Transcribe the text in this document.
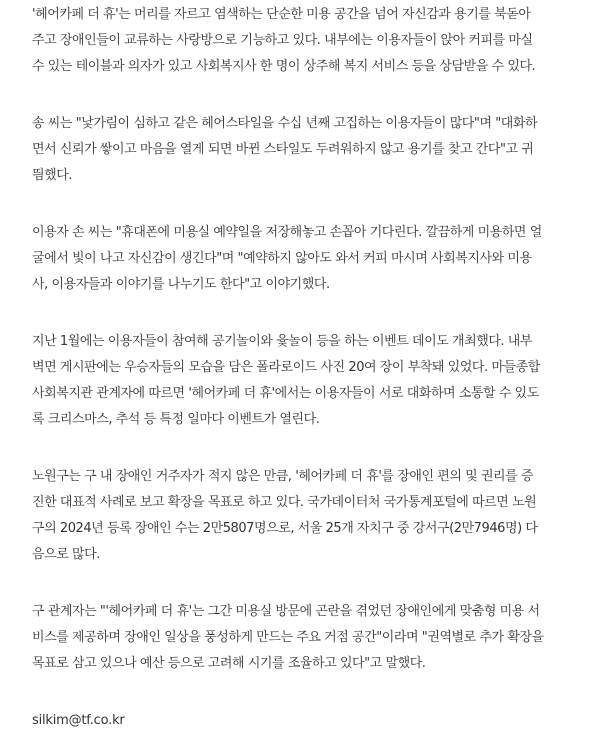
'헤어카페 더 휴'는 머리를 자르고 염색하는 단순한 미용 공간을 넘어 자신감과 용기를 북돋아
주고 장애인들이 교류하는 사랑방으로 기능하고 있다. 내부에는 이용자들이 앉아 커피를 마실
수 있는 테이블과 의자가 있고 사회복지사 한 명이 상주해 복지 서비스 등을 상담받을 수 있다.

송 씨는 "낯가림이 심하고 같은 헤어스타일을 수십 년째 고집하는 이용자들이 많다"며 "대화하
면서 신뢰가 쌓이고 마음을 열게 되면 바뀐 스타일도 두려워하지 않고 용기를 찾고 간다"고 귀
띔했다.

이용자 손 씨는 "휴대폰에 미용실 예약일을 저장해놓고 손꼽아 기다린다. 깔끔하게 미용하면 얼
굴에서 빛이 나고 자신감이 생긴다"며 "예약하지 않아도 와서 커피 마시며 사회복지사와 미용
사, 이용자들과 이야기를 나누기도 한다"고 이야기했다.

지난 1월에는 이용자들이 참여해 공기놀이와 윷놀이 등을 하는 이벤트 데이도 개최했다. 내부
벽면 게시판에는 우승자들의 모습을 담은 폴라로이드 사진 20여 장이 부착돼 있었다. 마들종합
사회복지관 관계자에 따르면 '헤어카페 더 휴'에서는 이용자들이 서로 대화하며 소통할 수 있도
록 크리스마스, 추석 등 특정 일마다 이벤트가 열린다.

노원구는 구 내 장애인 거주자가 적지 않은 만큼, '헤어카페 더 휴'를 장애인 편의 및 권리를 증
진한 대표적 사례로 보고 확장을 목표로 하고 있다. 국가데이터처 국가통계포털에 따르면 노원
구의 2024년 등록 장애인 수는 2만5807명으로, 서울 25개 자치구 중 강서구(2만7946명) 다
음으로 많다.

구 관계자는 "'헤어카페 더 휴'는 그간 미용실 방문에 곤란을 겪었던 장애인에게 맞춤형 미용 서
비스를 제공하며 장애인 일상을 풍성하게 만드는 주요 거점 공간"이라며 "권역별로 추가 확장을
목표로 삼고 있으나 예산 등으로 고려해 시기를 조율하고 있다"고 말했다.

silkim@tf.co.kr
